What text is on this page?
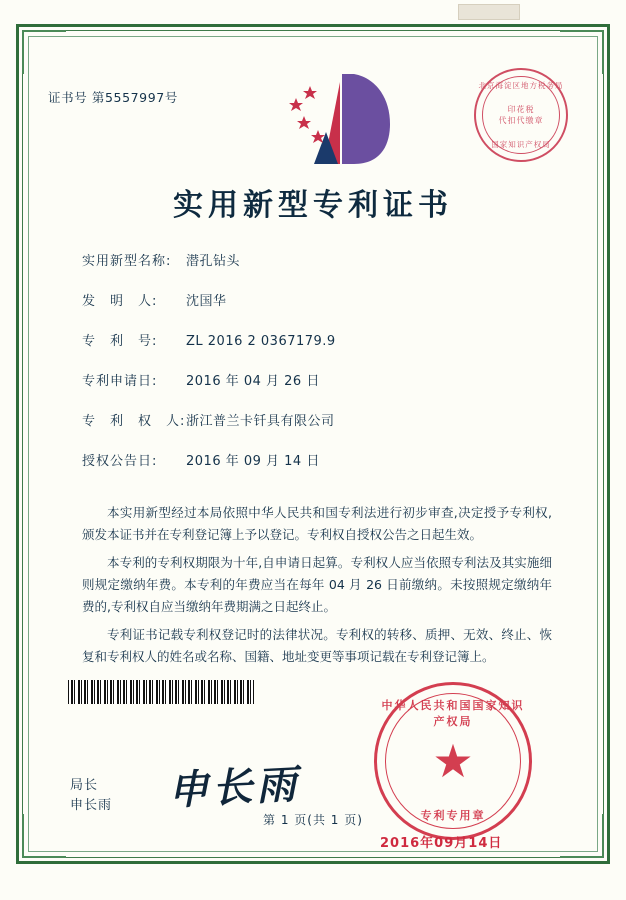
证书号 第5557997号
北京海淀区地方税务局
印花税
代扣代缴章
国家知识产权局
实用新型专利证书
实用新型名称: 潜孔钻头
发　明　人: 沈国华
专　利　号: ZL 2016 2 0367179.9
专利申请日: 2016 年 04 月 26 日
专　利　权　人:浙江普兰卡钎具有限公司
授权公告日: 2016 年 09 月 14 日
本实用新型经过本局依照中华人民共和国专利法进行初步审查,决定授予专利权,颁发本证书并在专利登记簿上予以登记。专利权自授权公告之日起生效。
本专利的专利权期限为十年,自申请日起算。专利权人应当依照专利法及其实施细则规定缴纳年费。本专利的年费应当在每年 04 月 26 日前缴纳。未按照规定缴纳年费的,专利权自应当缴纳年费期满之日起终止。
专利证书记载专利权登记时的法律状况。专利权的转移、质押、无效、终止、恢复和专利权人的姓名或名称、国籍、地址变更等事项记载在专利登记簿上。
局长
申长雨 申长雨
中华人民共和国国家知识产权局
★
专利专用章
2016年09月14日
第 1 页(共 1 页)
